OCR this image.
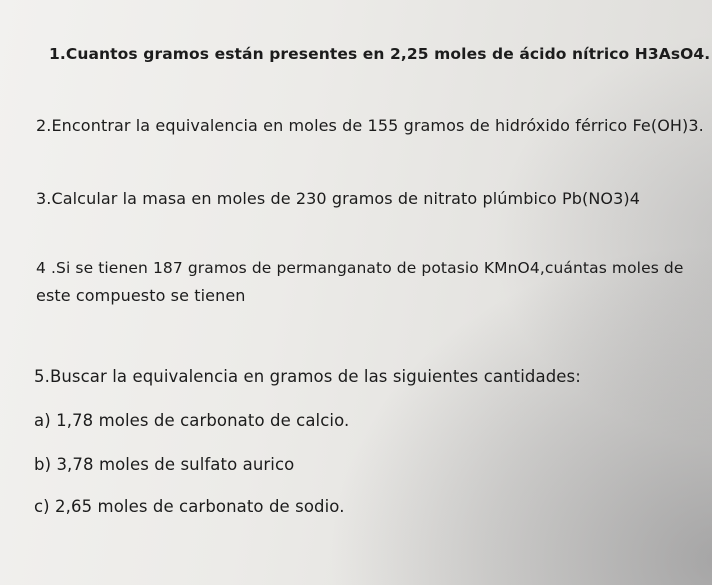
1.Cuantos gramos están presentes en 2,25 moles de ácido nítrico H3AsO4.
2.Encontrar la equivalencia en moles de 155 gramos de hidróxido férrico Fe(OH)3.
3.Calcular la masa en moles de 230 gramos de nitrato plúmbico Pb(NO3)4
4 .Si se tienen 187 gramos de permanganato de potasio KMnO4,cuántas moles de
este compuesto se tienen
5.Buscar la equivalencia en gramos de las siguientes cantidades:
a) 1,78 moles de carbonato de calcio.
b) 3,78 moles de sulfato aurico
c) 2,65 moles de carbonato de sodio.
